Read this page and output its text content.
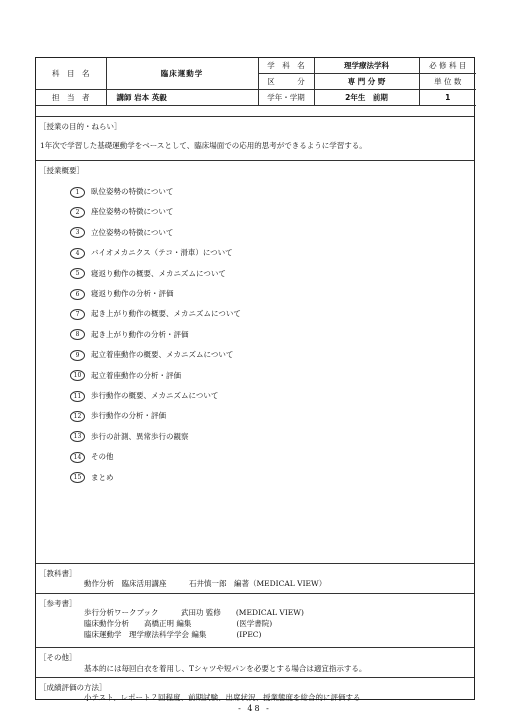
科　目　名	臨床運動学	学　科　名	理学療法学科	必 修 科 目
		区　　　分	専 門 分 野	単 位 数
担　当　者	講師 岩本 英毅	学年・学期	2年生　前期	1
［授業の目的・ねらい］
1年次で学習した基礎運動学をベースとして、臨床場面での応用的思考ができるように学習する。
［授業概要］
1 臥位姿勢の特徴について
2 座位姿勢の特徴について
3 立位姿勢の特徴について
4 バイオメカニクス（テコ・滑車）について
5 寝返り動作の概要、メカニズムについて
6 寝返り動作の分析・評価
7 起き上がり動作の概要、メカニズムについて
8 起き上がり動作の分析・評価
9 起立着座動作の概要、メカニズムについて
10 起立着座動作の分析・評価
11 歩行動作の概要、メカニズムについて
12 歩行動作の分析・評価
13 歩行の計測、異常歩行の観察
14 その他
15 まとめ
［教科書］
動作分析　臨床活用講座　　　石井慎一郎　編著（MEDICAL VIEW）
［参考書］
歩行分析ワークブック　　　武田功 監修　　(MEDICAL VIEW)
臨床動作分析　　高橋正明 編集　　　　　　(医学書院)
臨床運動学　理学療法科学学会 編集　　　　(IPEC)
［その他］
基本的には毎回白衣を着用し、Tシャツや短パンを必要とする場合は適宜指示する。
［成績評価の方法］
小テスト、レポート２回程度、前期試験、出席状況、授業態度を総合的に評価する
- 48 -
